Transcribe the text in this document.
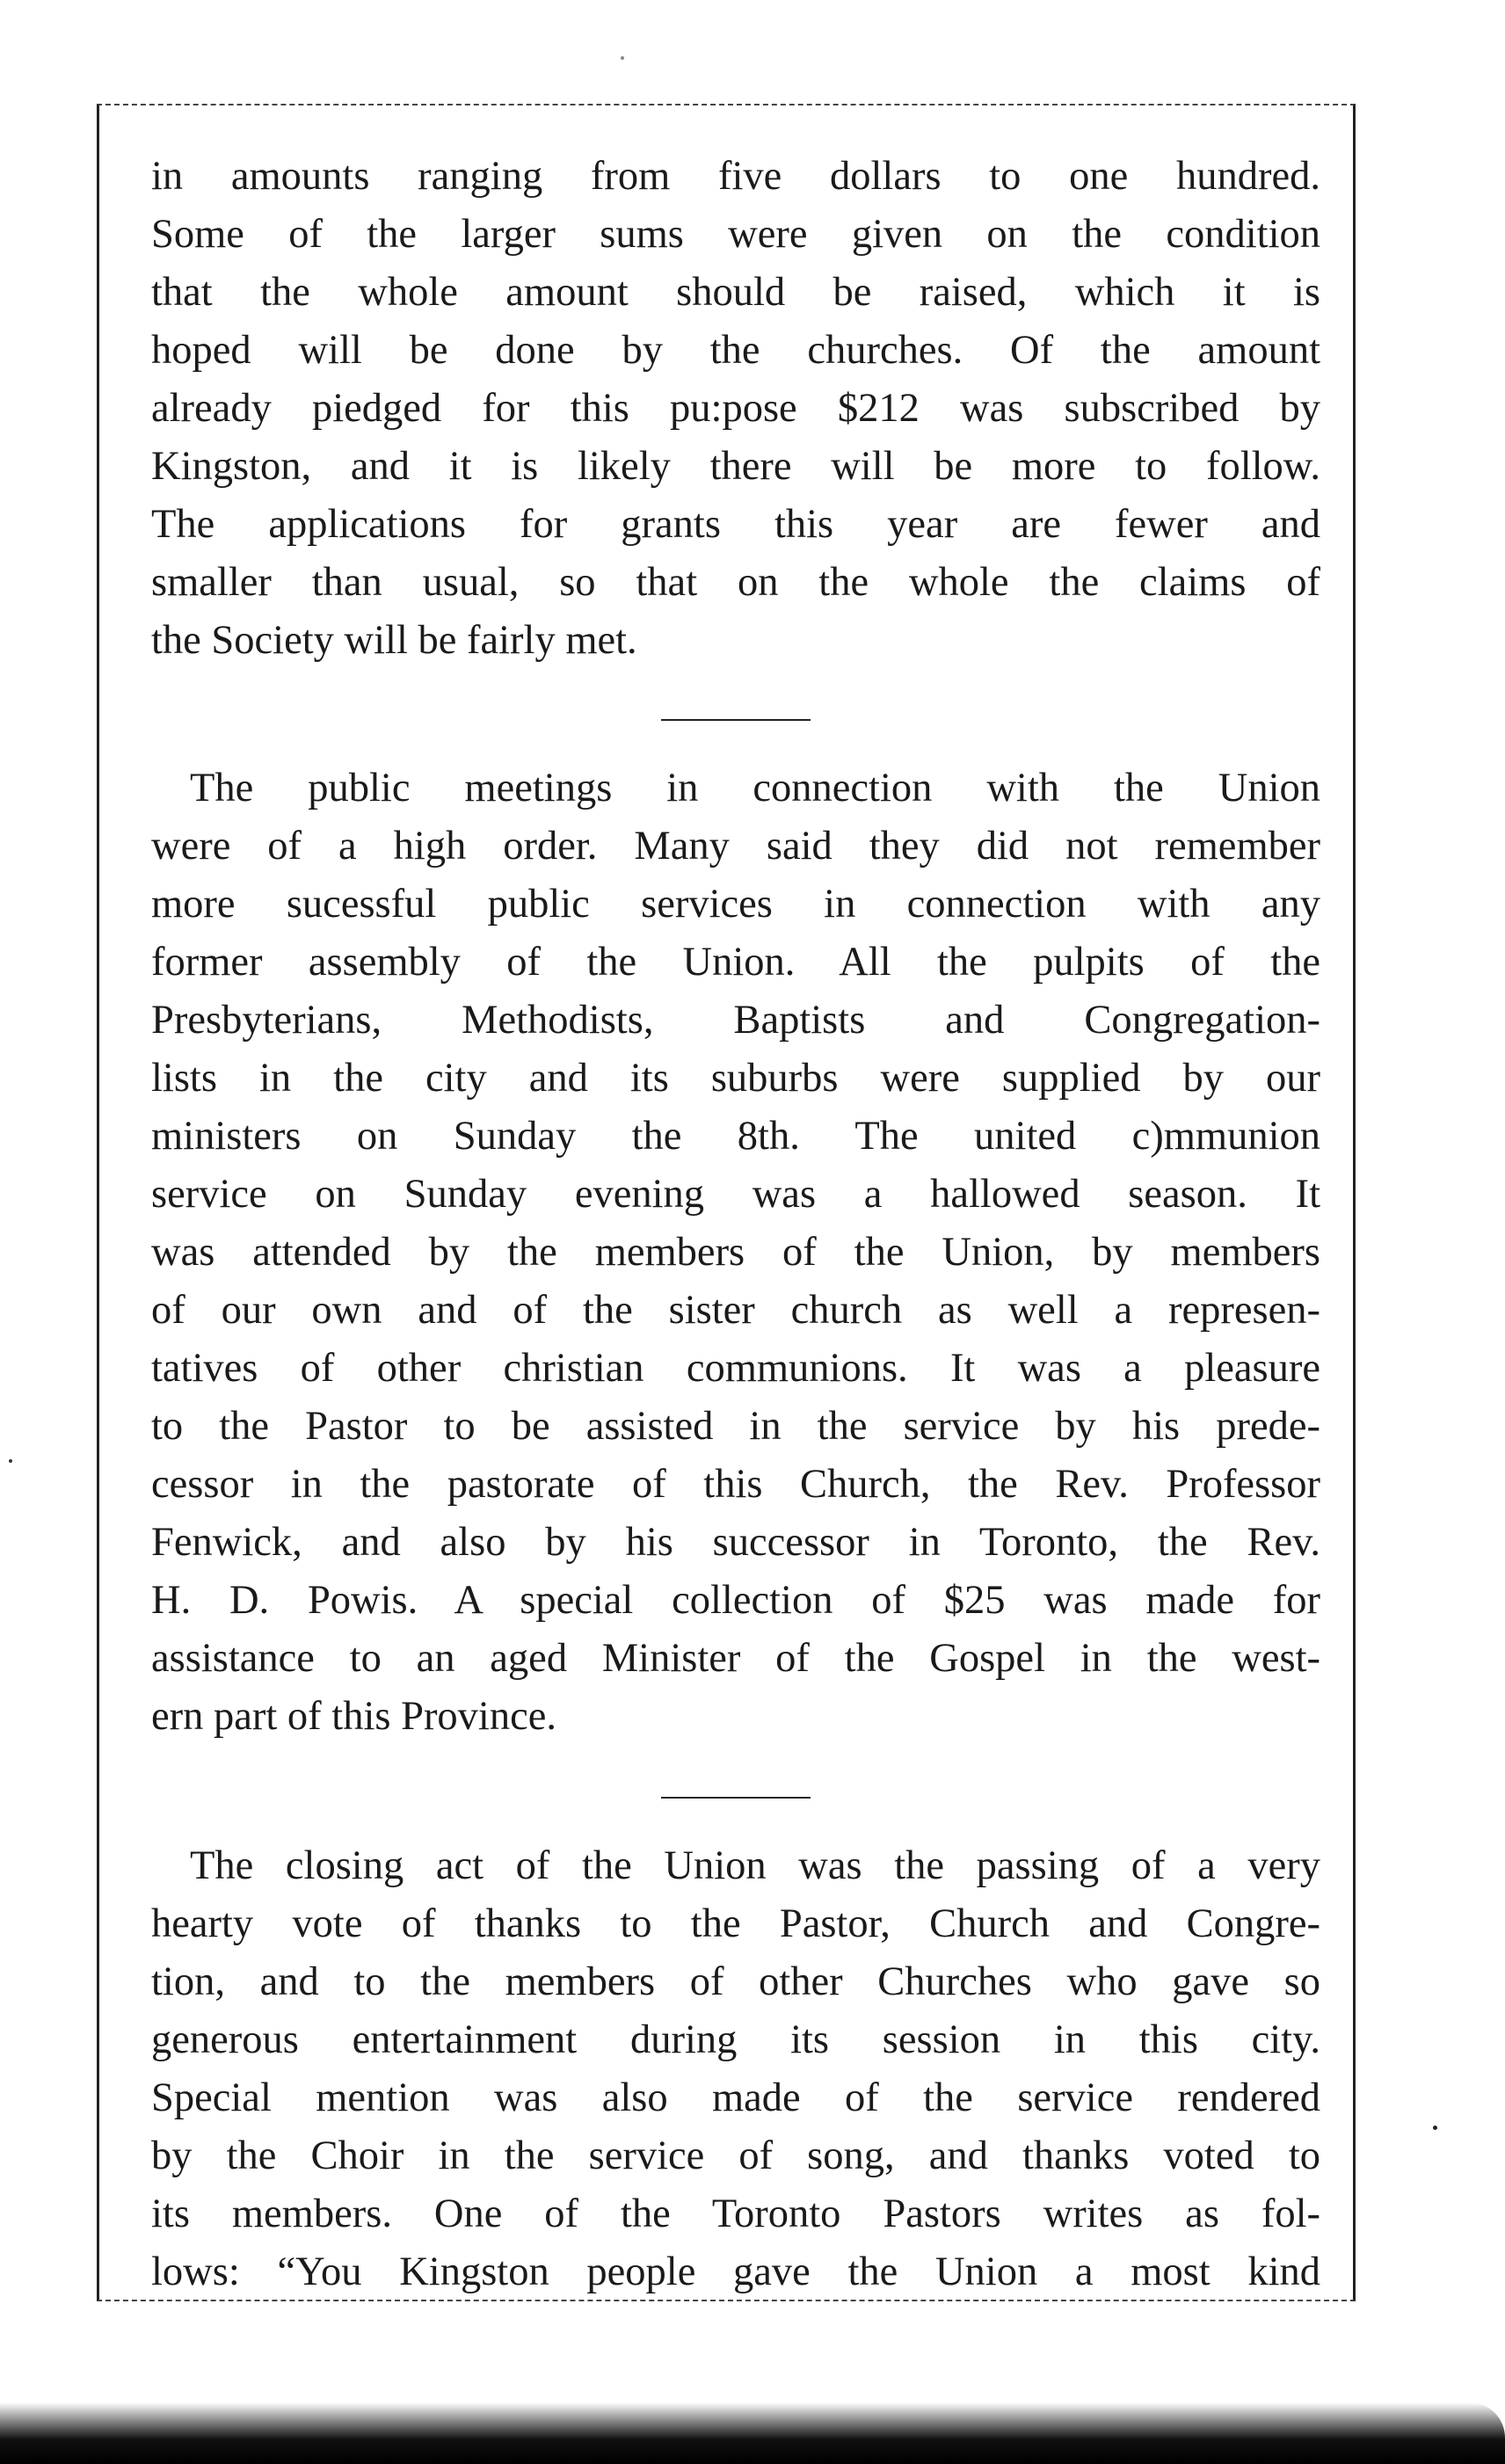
in amounts ranging from five dollars to one hundred.
Some of the larger sums were given on the condition
that the whole amount should be raised, which it is
hoped will be done by the churches. Of the amount
already piedged for this pu:pose $212 was subscribed by
Kingston, and it is likely there will be more to follow.
The applications for grants this year are fewer and
smaller than usual, so that on the whole the claims of
the Society will be fairly met.

The public meetings in connection with the Union
were of a high order. Many said they did not remember
more sucessful public services in connection with any
former assembly of the Union. All the pulpits of the
Presbyterians, Methodists, Baptists and Congregation-
lists in the city and its suburbs were supplied by our
ministers on Sunday the 8th. The united c)mmunion
service on Sunday evening was a hallowed season. It
was attended by the members of the Union, by members
of our own and of the sister church as well a represen-
tatives of other christian communions. It was a pleasure
to the Pastor to be assisted in the service by his prede-
cessor in the pastorate of this Church, the Rev. Professor
Fenwick, and also by his successor in Toronto, the Rev.
H. D. Powis. A special collection of $25 was made for
assistance to an aged Minister of the Gospel in the west-
ern part of this Province.

The closing act of the Union was the passing of a very
hearty vote of thanks to the Pastor, Church and Congre-
tion, and to the members of other Churches who gave so
generous entertainment during its session in this city.
Special mention was also made of the service rendered
by the Choir in the service of song, and thanks voted to
its members. One of the Toronto Pastors writes as fol-
lows: “You Kingston people gave the Union a most kind
